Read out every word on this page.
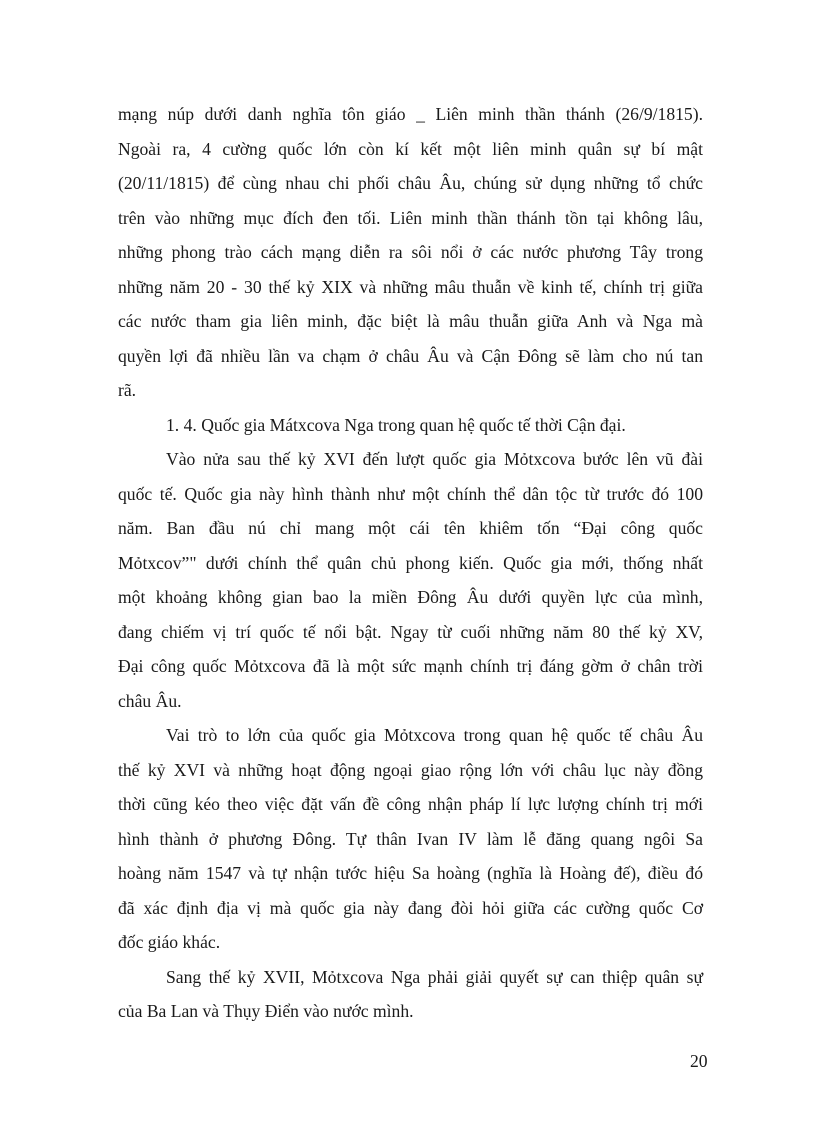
mạng núp dưới danh nghĩa tôn giáo _ Liên minh thần thánh (26/9/1815).
Ngoài ra, 4 cường quốc lớn còn kí kết một liên minh quân sự bí mật
(20/11/1815) để cùng nhau chi phối châu Âu, chúng sử dụng những tổ chức
trên vào những mục đích đen tối. Liên minh thần thánh tồn tại không lâu,
những phong trào cách mạng diễn ra sôi nổi ở các nước phương Tây trong
những năm 20 - 30 thế kỷ XIX và những mâu thuẫn về kinh tế, chính trị giữa
các nước tham gia liên minh, đặc biệt là mâu thuẫn giữa Anh và Nga mà
quyền lợi đã nhiều lần va chạm ở châu Âu và Cận Đông sẽ làm cho nú tan
rã.
1. 4. Quốc gia Mátxcova Nga trong quan hệ quốc tế thời Cận đại.
Vào nửa sau thế kỷ XVI đến lượt quốc gia Mỏtxcova bước lên vũ đài
quốc tế. Quốc gia này hình thành như một chính thể dân tộc từ trước đó 100
năm. Ban đầu nú chỉ mang một cái tên khiêm tốn “Đại công quốc
Mỏtxcov”" dưới chính thể quân chủ phong kiến. Quốc gia mới, thống nhất
một khoảng không gian bao la miền Đông Âu dưới quyền lực của mình,
đang chiếm vị trí quốc tế nổi bật. Ngay từ cuối những năm 80 thế kỷ XV,
Đại công quốc Mỏtxcova đã là một sức mạnh chính trị đáng gờm ở chân trời
châu Âu.
Vai trò to lớn của quốc gia Mỏtxcova trong quan hệ quốc tế châu Âu
thế kỷ XVI và những hoạt động ngoại giao rộng lớn với châu lục này đồng
thời cũng kéo theo việc đặt vấn đề công nhận pháp lí lực lượng chính trị mới
hình thành ở phương Đông. Tự thân Ivan IV làm lễ đăng quang ngôi Sa
hoàng năm 1547 và tự nhận tước hiệu Sa hoàng (nghĩa là Hoàng đế), điều đó
đã xác định địa vị mà quốc gia này đang đòi hỏi giữa các cường quốc Cơ
đốc giáo khác.
Sang thế kỷ XVII, Mỏtxcova Nga phải giải quyết sự can thiệp quân sự
của Ba Lan và Thụy Điển vào nước mình.
20
